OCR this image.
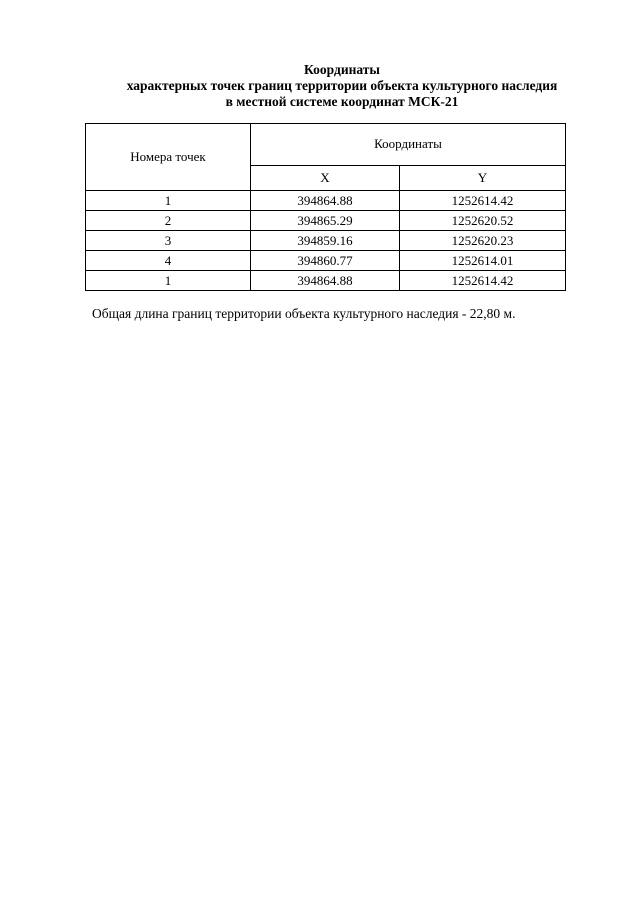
Координаты
характерных точек границ территории объекта культурного наследия
в местной системе координат МСК-21
Номера точек	Координаты	
	X	Y
1	394864.88	1252614.42
2	394865.29	1252620.52
3	394859.16	1252620.23
4	394860.77	1252614.01
1	394864.88	1252614.42
Общая длина границ территории объекта культурного наследия - 22,80 м.
